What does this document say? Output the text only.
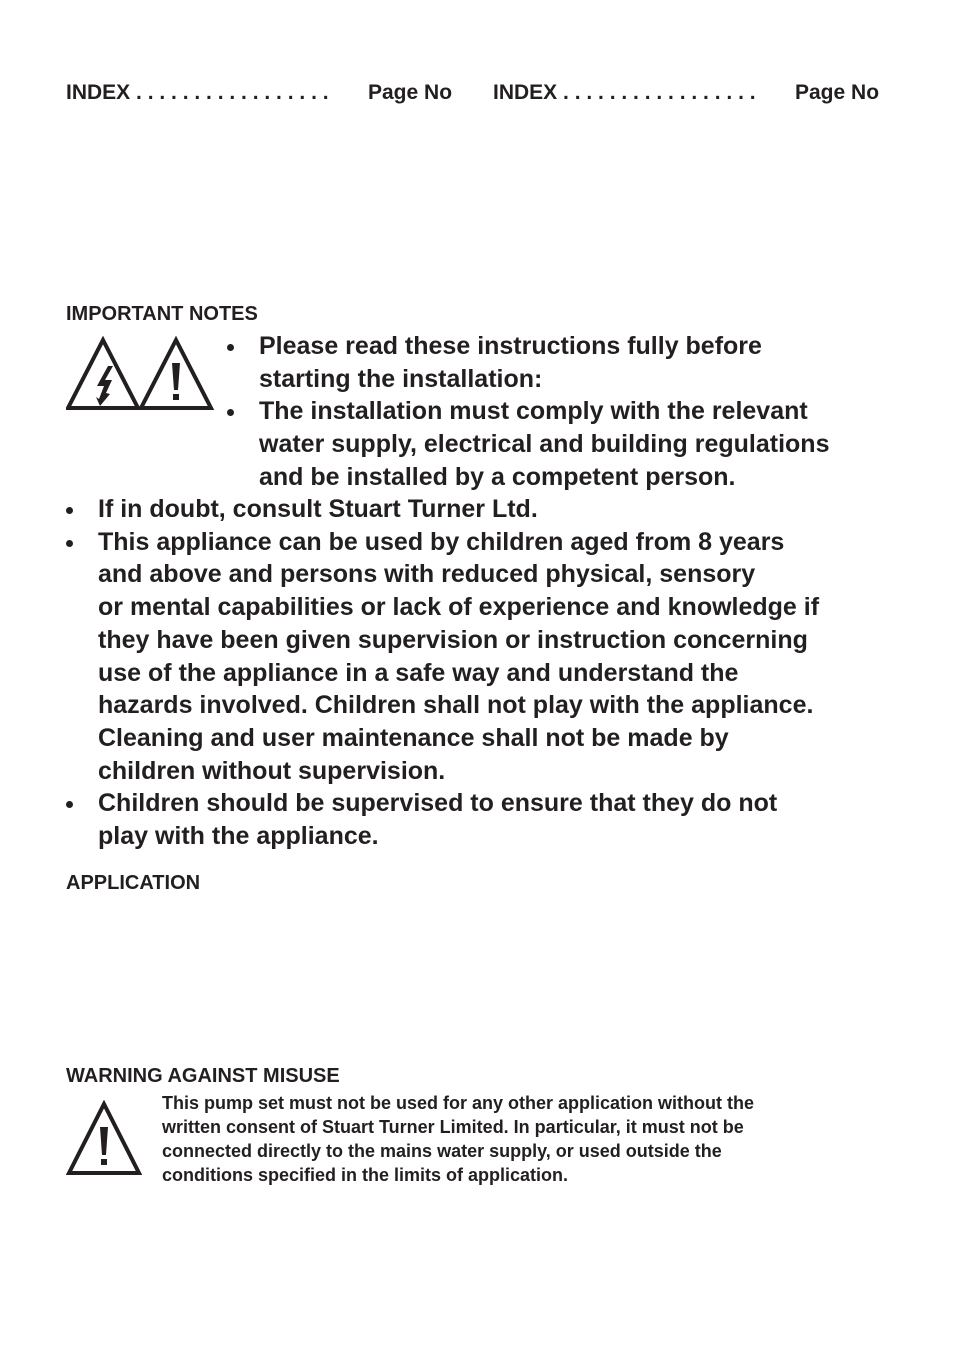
INDEX . . . . . . . . . . . . . . . . . Page No INDEX . . . . . . . . . . . . . . . . . Page No
IMPORTANT NOTES
Please read these instructions fully before
starting the installation:
The installation must comply with the relevant
water supply, electrical and building regulations
and be installed by a competent person.
If in doubt, consult Stuart Turner Ltd.
This appliance can be used by children aged from 8 years
and above and persons with reduced physical, sensory
or mental capabilities or lack of experience and knowledge if
they have been given supervision or instruction concerning
use of the appliance in a safe way and understand the
hazards involved. Children shall not play with the appliance.
Cleaning and user maintenance shall not be made by
children without supervision.
Children should be supervised to ensure that they do not
play with the appliance.
APPLICATION
WARNING AGAINST MISUSE
This pump set must not be used for any other application without the
written consent of Stuart Turner Limited. In particular, it must not be
connected directly to the mains water supply, or used outside the
conditions specified in the limits of application.
